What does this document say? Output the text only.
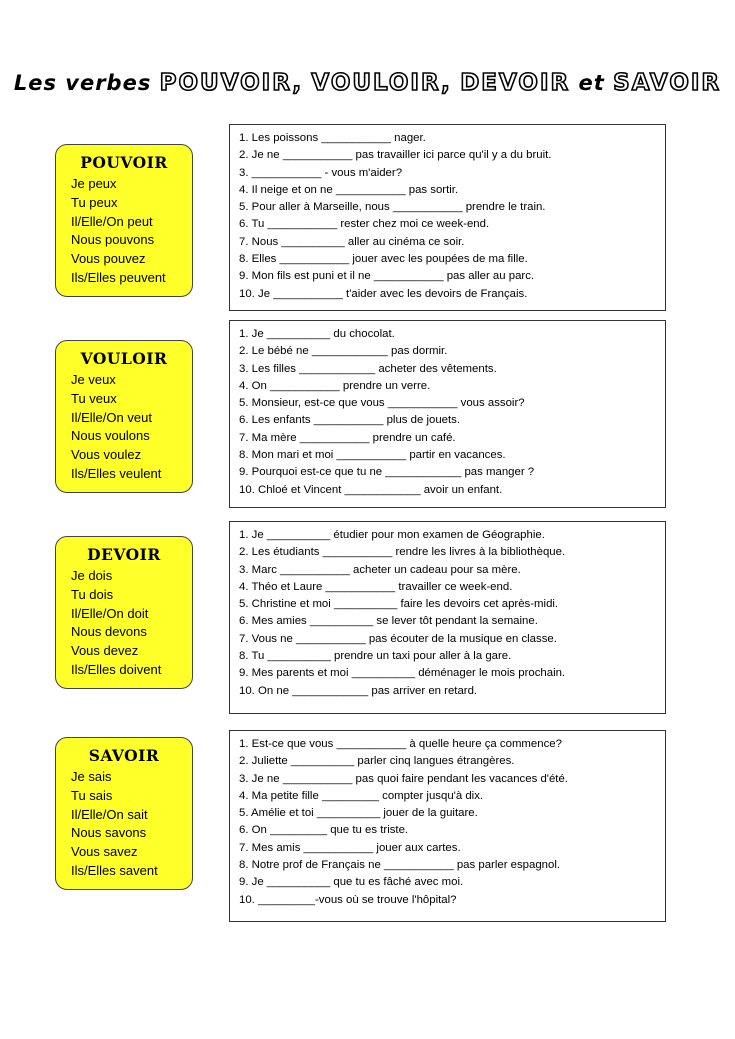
Les verbes POUVOIR, VOULOIR, DEVOIR et SAVOIR
POUVOIR
Je peux
Tu peux
Il/Elle/On peut
Nous pouvons
Vous pouvez
Ils/Elles peuvent
1. Les poissons ___________ nager.
2. Je ne ___________ pas travailler ici parce qu'il y a du bruit.
3. ___________ - vous m'aider?
4. Il neige et on ne ___________ pas sortir.
5. Pour aller à Marseille, nous ___________ prendre le train.
6. Tu ___________ rester chez moi ce week-end.
7. Nous __________ aller au cinéma ce soir.
8. Elles ___________ jouer avec les poupées de ma fille.
9. Mon fils est puni et il ne ___________ pas aller au parc.
10. Je ___________ t'aider avec les devoirs de Français.
VOULOIR
Je veux
Tu veux
Il/Elle/On veut
Nous voulons
Vous voulez
Ils/Elles veulent
1. Je __________ du chocolat.
2. Le bébé ne ____________ pas dormir.
3. Les filles ____________ acheter des vêtements.
4. On ___________ prendre un verre.
5. Monsieur, est-ce que vous ___________ vous assoir?
6. Les enfants ___________ plus de jouets.
7. Ma mère ___________ prendre un café.
8. Mon mari et moi ___________ partir en vacances.
9. Pourquoi est-ce que tu ne ____________ pas manger ?
10. Chloé et Vincent ____________ avoir un enfant.
DEVOIR
Je dois
Tu dois
Il/Elle/On doit
Nous devons
Vous devez
Ils/Elles doivent
1. Je __________ étudier pour mon examen de Géographie.
2. Les étudiants ___________ rendre les livres à la bibliothèque.
3. Marc ___________ acheter un cadeau pour sa mère.
4. Théo et Laure ___________ travailler ce week-end.
5. Christine et moi __________ faire les devoirs cet après-midi.
6. Mes amies __________ se lever tôt pendant la semaine.
7. Vous ne ___________ pas écouter de la musique en classe.
8. Tu __________ prendre un taxi pour aller à la gare.
9. Mes parents et moi __________ déménager le mois prochain.
10. On ne ____________ pas arriver en retard.
SAVOIR
Je sais
Tu sais
Il/Elle/On sait
Nous savons
Vous savez
Ils/Elles savent
1. Est-ce que vous ___________ à quelle heure ça commence?
2. Juliette __________ parler cinq langues étrangères.
3. Je ne ___________ pas quoi faire pendant les vacances d'été.
4. Ma petite fille _________ compter jusqu'à dix.
5. Amélie et toi __________ jouer de la guitare.
6. On _________ que tu es triste.
7. Mes amis ___________ jouer aux cartes.
8. Notre prof de Français ne ___________ pas parler espagnol.
9. Je __________ que tu es fâché avec moi.
10. _________-vous où se trouve l'hôpital?
